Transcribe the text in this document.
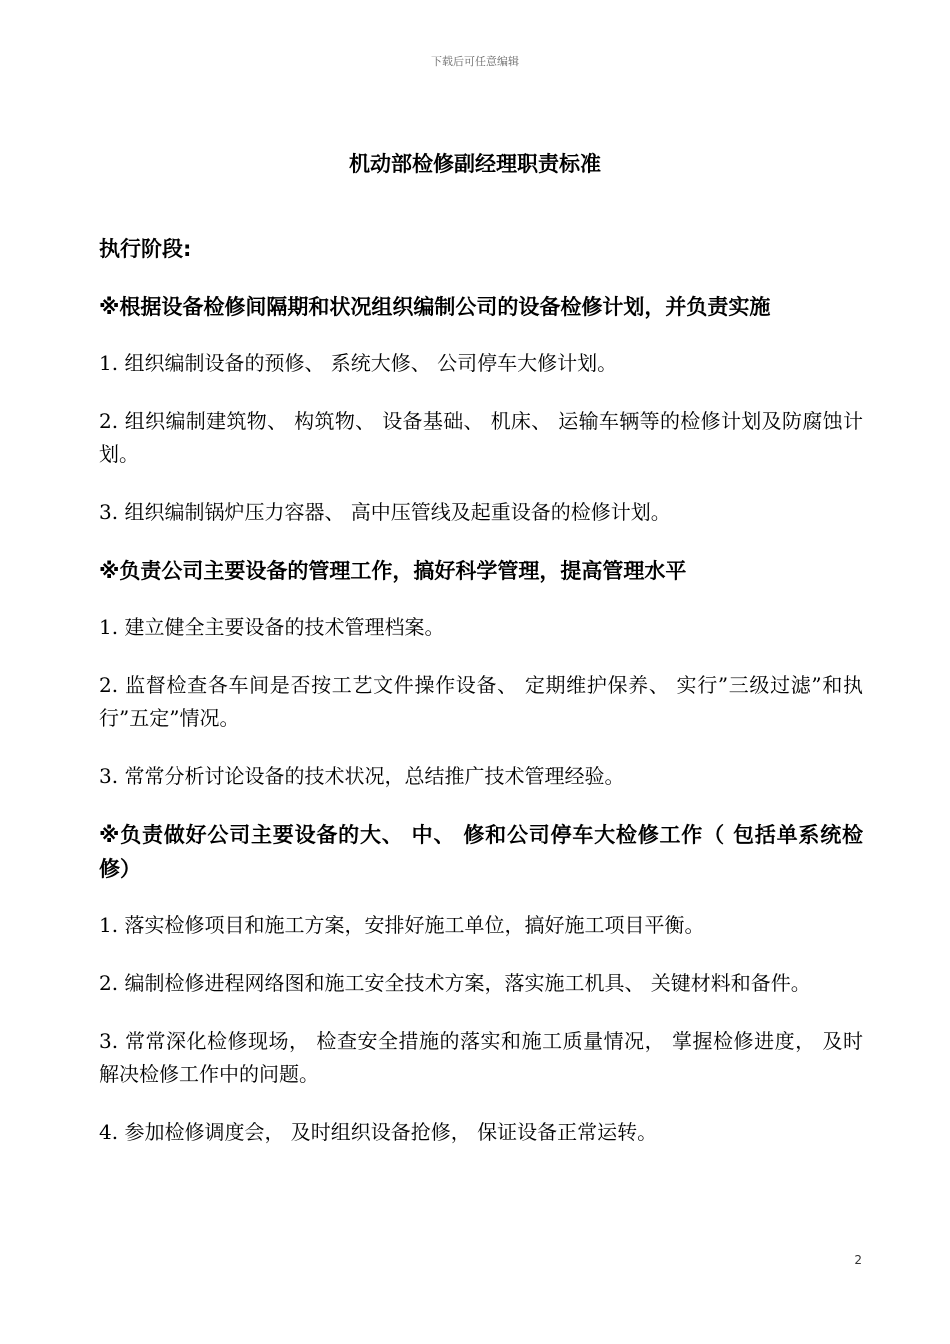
下载后可任意编辑
机动部检修副经理职责标准

执行阶段:

※根据设备检修间隔期和状况组织编制公司的设备检修计划，并负责实施

1. 组织编制设备的预修、 系统大修、 公司停车大修计划。

2. 组织编制建筑物、 构筑物、 设备基础、 机床、 运输车辆等的检修计划及防腐蚀计划。

3. 组织编制锅炉压力容器、 高中压管线及起重设备的检修计划。

※负责公司主要设备的管理工作，搞好科学管理，提高管理水平

1. 建立健全主要设备的技术管理档案。

2. 监督检查各车间是否按工艺文件操作设备、 定期维护保养、 实行”三级过滤”和执行”五定”情况。

3. 常常分析讨论设备的技术状况，总结推广技术管理经验。

※负责做好公司主要设备的大、 中、 修和公司停车大检修工作（ 包括单系统检修）

1. 落实检修项目和施工方案，安排好施工单位，搞好施工项目平衡。

2. 编制检修进程网络图和施工安全技术方案，落实施工机具、 关键材料和备件。

3. 常常深化检修现场， 检查安全措施的落实和施工质量情况， 掌握检修进度， 及时解决检修工作中的问题。

4. 参加检修调度会， 及时组织设备抢修， 保证设备正常运转。

2
